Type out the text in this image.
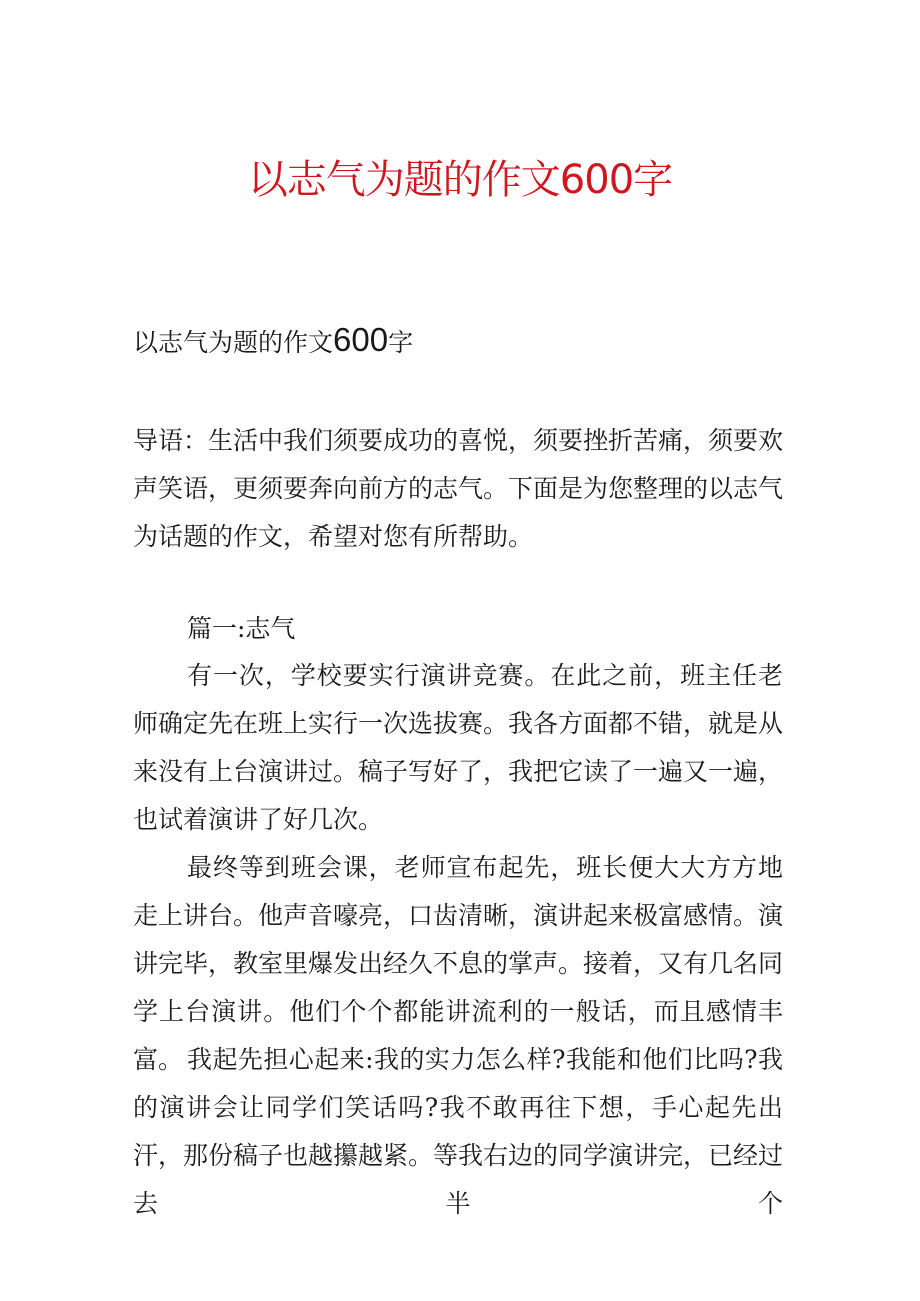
以志气为题的作文600字

以志气为题的作文600字

导语：生活中我们须要成功的喜悦，须要挫折苦痛，须要欢声笑语，更须要奔向前方的志气。下面是为您整理的以志气为话题的作文，希望对您有所帮助。

篇一:志气

有一次，学校要实行演讲竞赛。在此之前，班主任老师确定先在班上实行一次选拔赛。我各方面都不错，就是从来没有上台演讲过。稿子写好了，我把它读了一遍又一遍，也试着演讲了好几次。

最终等到班会课，老师宣布起先，班长便大大方方地走上讲台。他声音嚎亮，口齿清晰，演讲起来极富感情。演讲完毕，教室里爆发出经久不息的掌声。接着，又有几名同学上台演讲。他们个个都能讲流利的一般话，而且感情丰富。 我起先担心起来:我的实力怎么样?我能和他们比吗?我的演讲会让同学们笑话吗?我不敢再往下想，手心起先出汗，那份稿子也越攥越紧。等我右边的同学演讲完，已经过去半个
